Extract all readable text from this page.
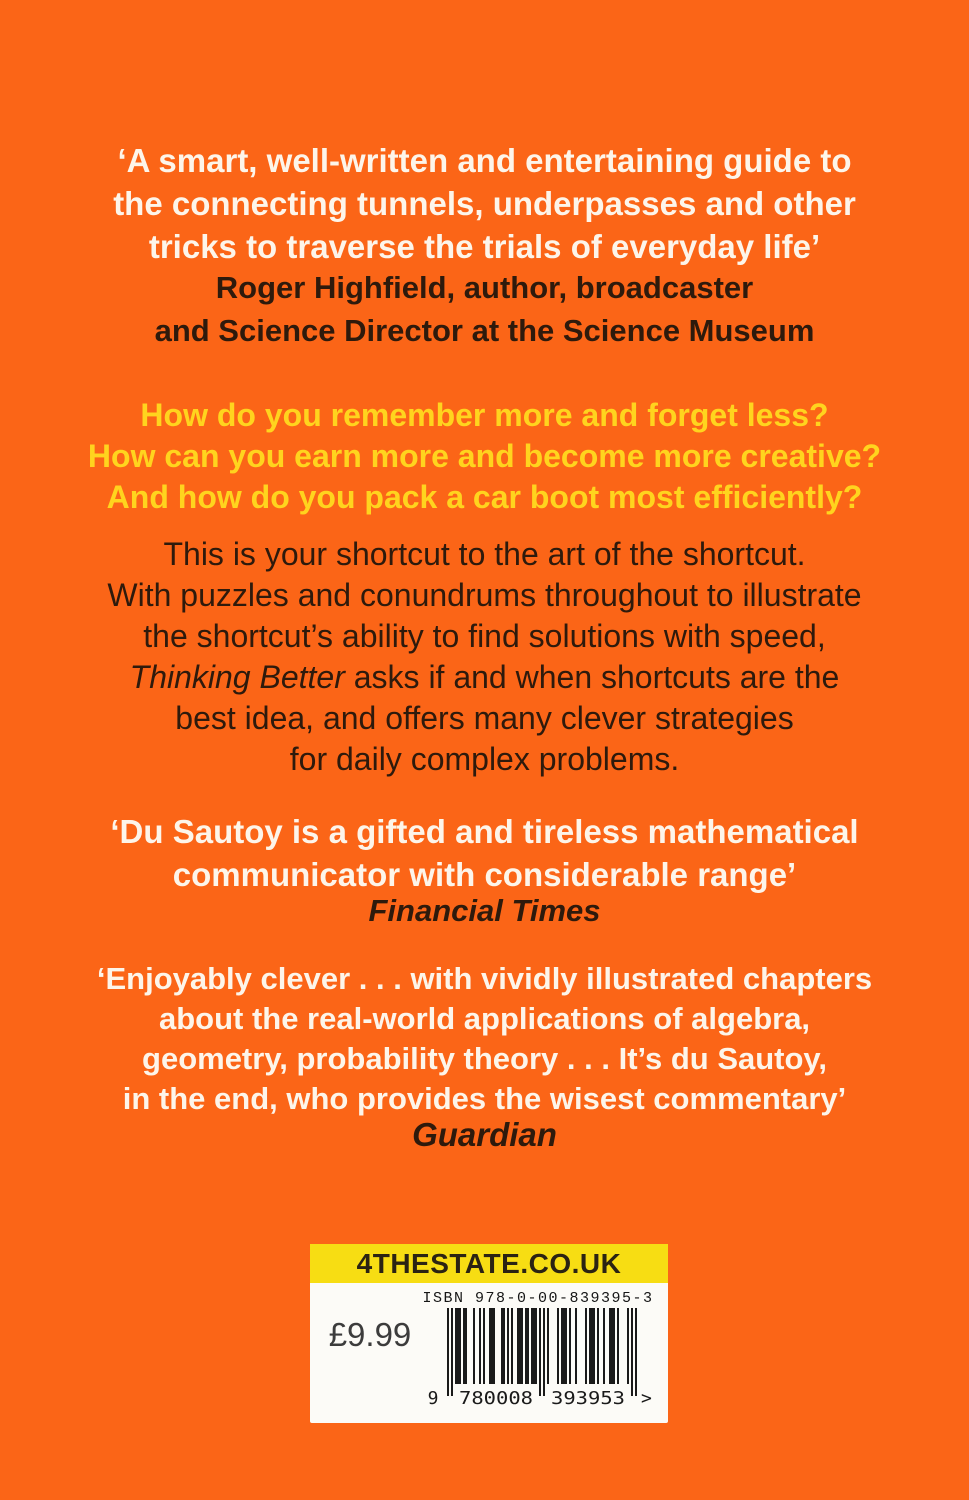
‘A smart, well-written and entertaining guide to
the connecting tunnels, underpasses and other
tricks to traverse the trials of everyday life’
Roger Highfield, author, broadcaster
and Science Director at the Science Museum
How do you remember more and forget less?
How can you earn more and become more creative?
And how do you pack a car boot most efficiently?
This is your shortcut to the art of the shortcut.
With puzzles and conundrums throughout to illustrate
the shortcut’s ability to find solutions with speed,
Thinking Better asks if and when shortcuts are the
best idea, and offers many clever strategies
for daily complex problems.
‘Du Sautoy is a gifted and tireless mathematical
communicator with considerable range’
Financial Times
‘Enjoyably clever . . . with vividly illustrated chapters
about the real-world applications of algebra,
geometry, probability theory . . . It’s du Sautoy,
in the end, who provides the wisest commentary’
Guardian
4THESTATE.CO.UK
ISBN 978-0-00-839395-3
£9.99
9 780008 393953 >
